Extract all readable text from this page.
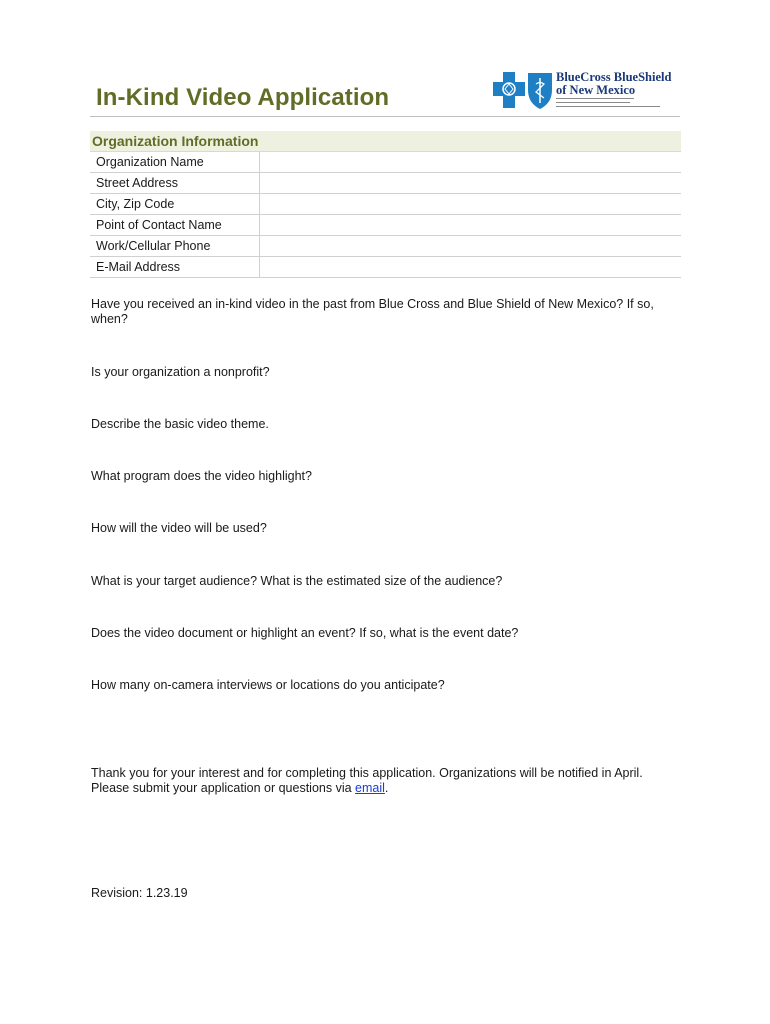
In-Kind Video Application
BlueCross BlueShield
of New Mexico
Organization Information
Organization Name	
Street Address	
City, Zip Code	
Point of Contact Name	
Work/Cellular Phone	
E-Mail Address	

Have you received an in-kind video in the past from Blue Cross and Blue Shield of New Mexico? If so, when?

Is your organization a nonprofit?

Describe the basic video theme.

What program does the video highlight?

How will the video will be used?

What is your target audience? What is the estimated size of the audience?

Does the video document or highlight an event? If so, what is the event date?

How many on-camera interviews or locations do you anticipate?

Thank you for your interest and for completing this application. Organizations will be notified in April.

Please submit your application or questions via email.

Revision: 1.23.19
